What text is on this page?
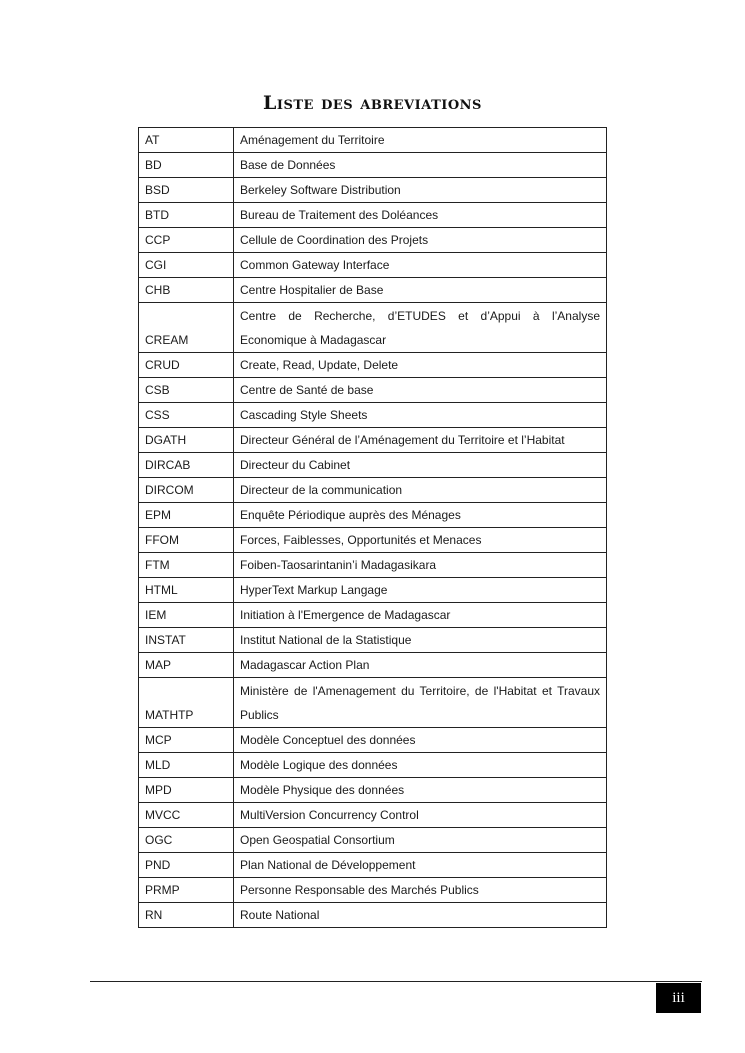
Liste des abreviations
AT	Aménagement du Territoire
BD	Base de Données
BSD	Berkeley Software Distribution
BTD	Bureau de Traitement des Doléances
CCP	Cellule de Coordination des Projets
CGI	Common Gateway Interface
CHB	Centre Hospitalier de Base
CREAM	Centre de Recherche, d’ETUDES et d’Appui à l’Analyse Economique à Madagascar
CRUD	Create, Read, Update, Delete
CSB	Centre de Santé de base
CSS	Cascading Style Sheets
DGATH	Directeur Général de l’Aménagement du Territoire et l’Habitat
DIRCAB	Directeur du Cabinet
DIRCOM	Directeur de la communication
EPM	Enquête Périodique auprès des Ménages
FFOM	Forces, Faiblesses, Opportunités et Menaces
FTM	Foiben-Taosarintanin’i Madagasikara
HTML	HyperText Markup Langage
IEM	Initiation à l'Emergence de Madagascar
INSTAT	Institut National de la Statistique
MAP	Madagascar Action Plan
MATHTP	Ministère de l'Amenagement du Territoire, de l'Habitat et Travaux Publics
MCP	Modèle Conceptuel des données
MLD	Modèle Logique des données
MPD	Modèle Physique des données
MVCC	MultiVersion Concurrency Control
OGC	Open Geospatial Consortium
PND	Plan National de Développement
PRMP	Personne Responsable des Marchés Publics
RN	Route National
iii
